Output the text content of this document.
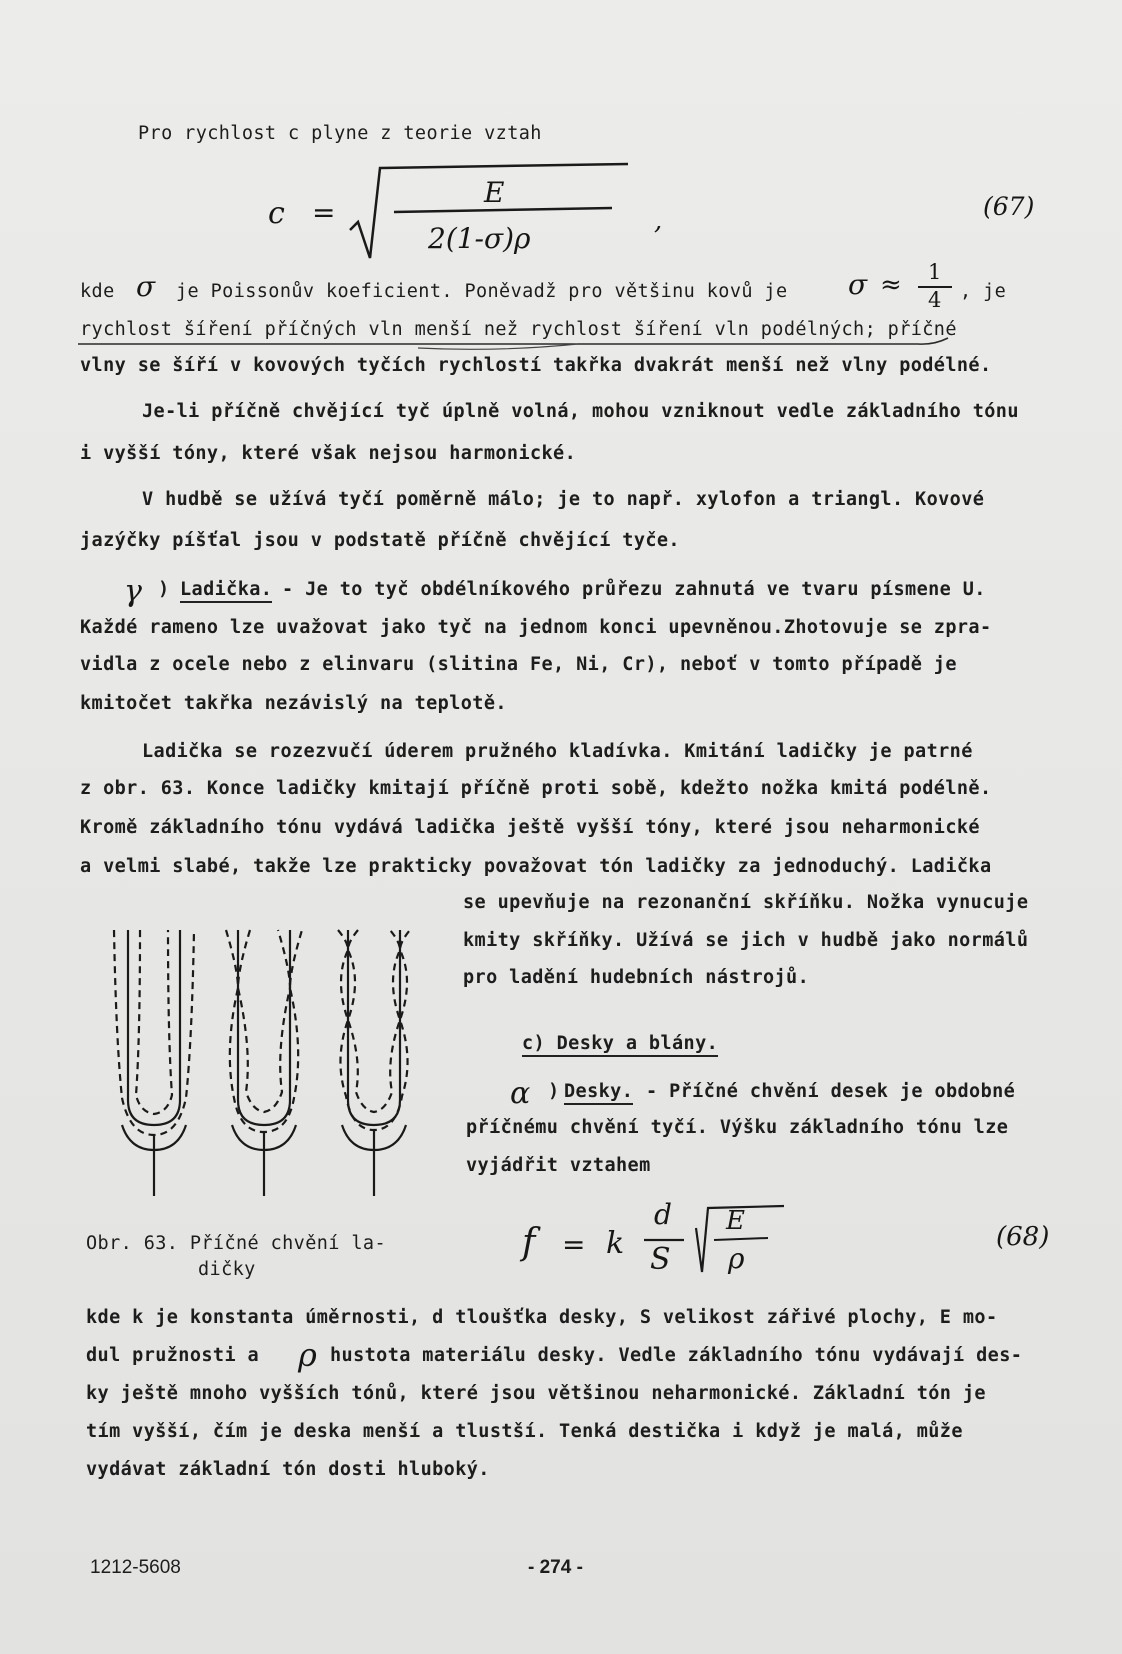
Pro rychlost c plyne z teorie vztah
c =
E
2(1-σ)ρ
,	(67)
kde σ je Poissonův koeficient. Poněvadž pro většinu kovů je σ ≈ 1
4 , je
rychlost šíření příčných vln menší než rychlost šíření vln podélných; příčné
vlny se šíří v kovových tyčích rychlostí takřka dvakrát menší než vlny podélné.
Je-li příčně chvějící tyč úplně volná, mohou vzniknout vedle základního tónu
i vyšší tóny, které však nejsou harmonické.
V hudbě se užívá tyčí poměrně málo; je to např. xylofon a triangl. Kovové
jazýčky píšťal jsou v podstatě příčně chvějící tyče.
γ ) Ladička. - Je to tyč obdélníkového průřezu zahnutá ve tvaru písmene U.
Každé rameno lze uvažovat jako tyč na jednom konci upevněnou.Zhotovuje se zpra-
vidla z ocele nebo z elinvaru (slitina Fe, Ni, Cr), neboť v tomto případě je
kmitočet takřka nezávislý na teplotě.
Ladička se rozezvučí úderem pružného kladívka. Kmitání ladičky je patrné
z obr. 63. Konce ladičky kmitají příčně proti sobě, kdežto nožka kmitá podélně.
Kromě základního tónu vydává ladička ještě vyšší tóny, které jsou neharmonické
a velmi slabé, takže lze prakticky považovat tón ladičky za jednoduchý. Ladička
se upevňuje na rezonanční skříňku. Nožka vynucuje
kmity skříňky. Užívá se jich v hudbě jako normálů
pro ladění hudebních nástrojů.
c) Desky a blány.
α ) Desky. - Příčné chvění desek je obdobné
příčnému chvění tyčí. Výšku základního tónu lze
vyjádřit vztahem
Obr. 63. Příčné chvění la-
dičky
f = k
d
S
E
ρ
(68)
kde k je konstanta úměrnosti, d tloušťka desky, S velikost zářivé plochy, E mo-
dul pružnosti a ρ hustota materiálu desky. Vedle základního tónu vydávají des-
ky ještě mnoho vyšších tónů, které jsou většinou neharmonické. Základní tón je
tím vyšší, čím je deska menší a tlustší. Tenká destička i když je malá, může
vydávat základní tón dosti hluboký.
1212-5608	- 274 -
